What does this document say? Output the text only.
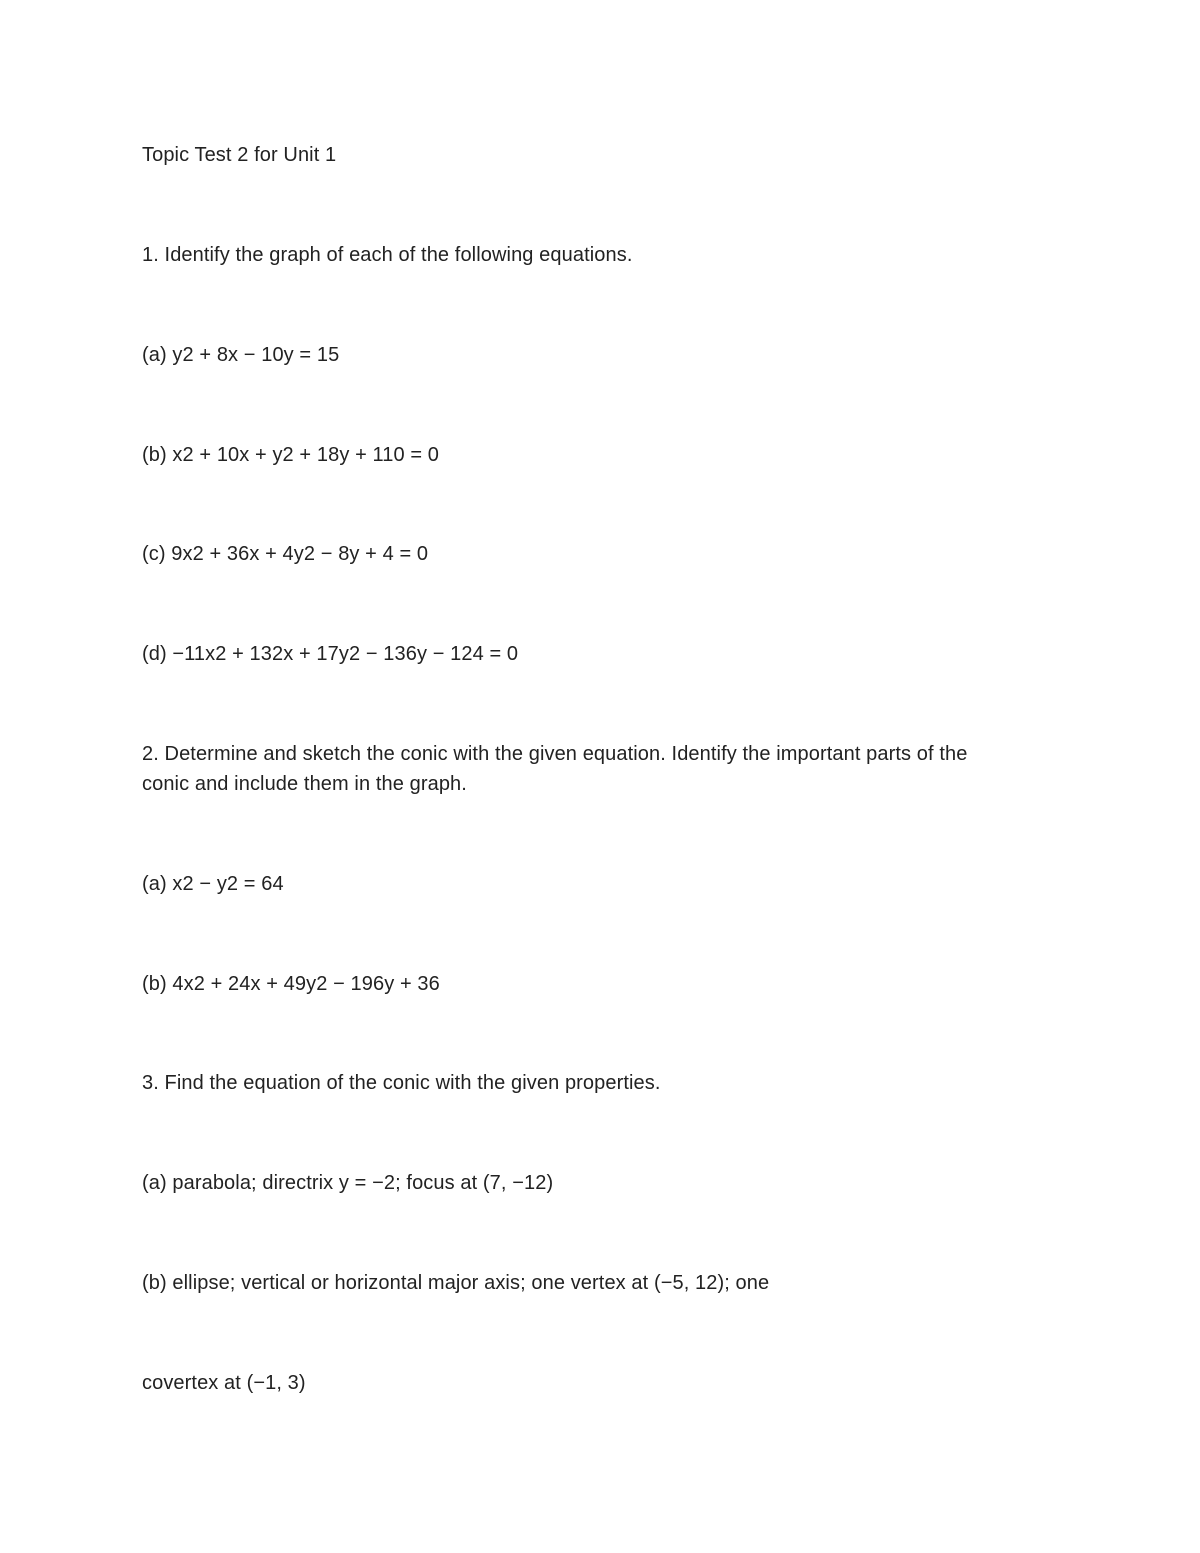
Topic Test 2 for Unit 1
1. Identify the graph of each of the following equations.
(a) y2 + 8x − 10y = 15
(b) x2 + 10x + y2 + 18y + 110 = 0
(c) 9x2 + 36x + 4y2 − 8y + 4 = 0
(d) −11x2 + 132x + 17y2 − 136y − 124 = 0
2. Determine and sketch the conic with the given equation. Identify the important parts of the
conic and include them in the graph.
(a) x2 − y2 = 64
(b) 4x2 + 24x + 49y2 − 196y + 36
3. Find the equation of the conic with the given properties.
(a) parabola; directrix y = −2; focus at (7, −12)
(b) ellipse; vertical or horizontal major axis; one vertex at (−5, 12); one
covertex at (−1, 3)
